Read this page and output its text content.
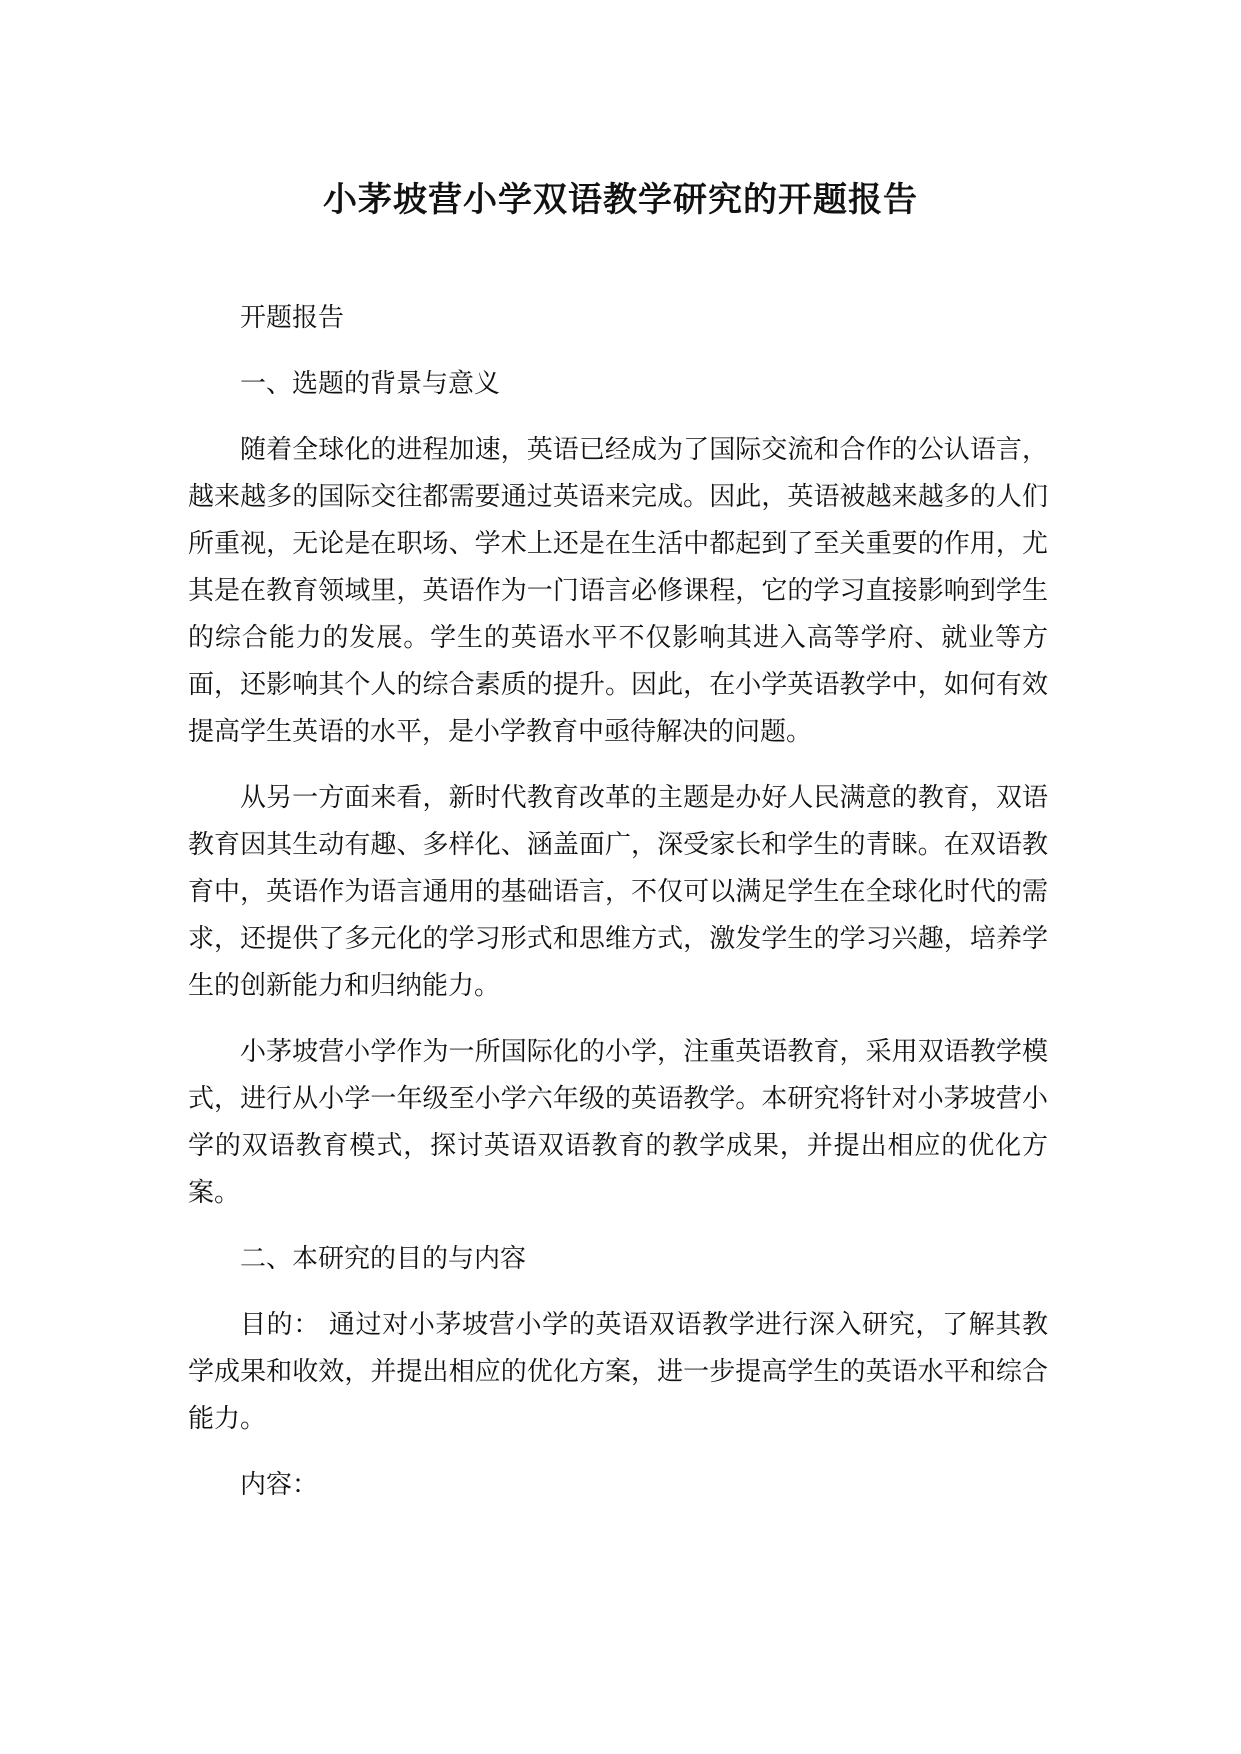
小茅坡营小学双语教学研究的开题报告

开题报告

一、选题的背景与意义

随着全球化的进程加速，英语已经成为了国际交流和合作的公认语言，越来越多的国际交往都需要通过英语来完成。因此，英语被越来越多的人们所重视，无论是在职场、学术上还是在生活中都起到了至关重要的作用，尤其是在教育领域里，英语作为一门语言必修课程，它的学习直接影响到学生的综合能力的发展。学生的英语水平不仅影响其进入高等学府、就业等方面，还影响其个人的综合素质的提升。因此，在小学英语教学中，如何有效提高学生英语的水平，是小学教育中亟待解决的问题。

从另一方面来看，新时代教育改革的主题是办好人民满意的教育，双语教育因其生动有趣、多样化、涵盖面广，深受家长和学生的青睐。在双语教育中，英语作为语言通用的基础语言，不仅可以满足学生在全球化时代的需求，还提供了多元化的学习形式和思维方式，激发学生的学习兴趣，培养学生的创新能力和归纳能力。

小茅坡营小学作为一所国际化的小学，注重英语教育，采用双语教学模式，进行从小学一年级至小学六年级的英语教学。本研究将针对小茅坡营小学的双语教育模式，探讨英语双语教育的教学成果，并提出相应的优化方案。

二、本研究的目的与内容

目的： 通过对小茅坡营小学的英语双语教学进行深入研究，了解其教学成果和收效，并提出相应的优化方案，进一步提高学生的英语水平和综合能力。

内容：
